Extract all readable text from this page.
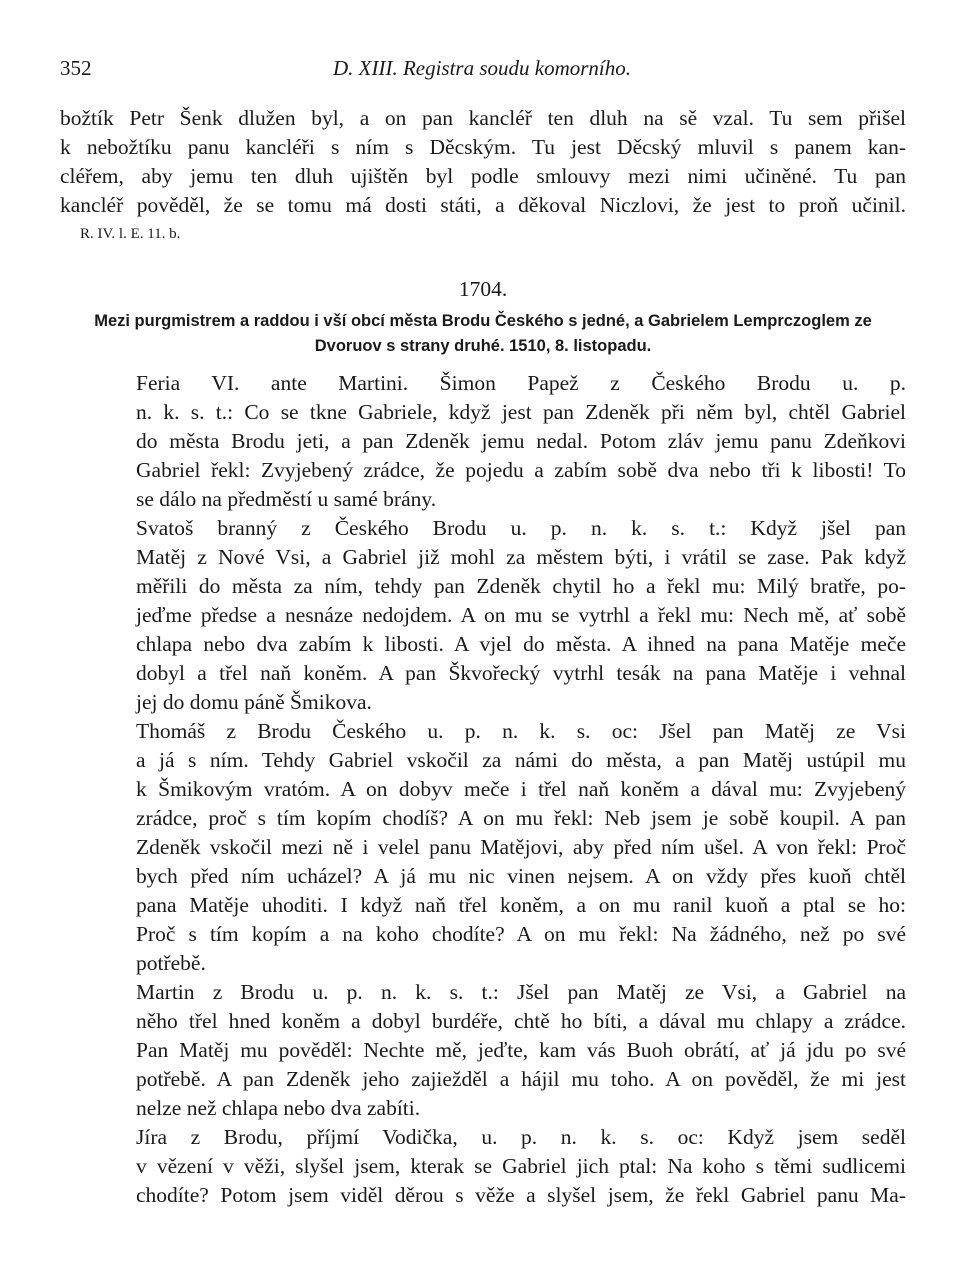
352	D. XIII. Registra soudu komorního.

božtík Petr Šenk dlužen byl, a on pan kancléř ten dluh na sě vzal. Tu sem přišel
k nebožtíku panu kancléři s ním s Děcským. Tu jest Děcský mluvil s panem kan-
cléřem, aby jemu ten dluh ujištěn byl podle smlouvy mezi nimi učiněné. Tu pan
kancléř pověděl, že se tomu má dosti státi, a děkoval Niczlovi, že jest to proň učinil.

R. IV. l. E. 11. b.
1704.
Mezi purgmistrem a raddou i vší obcí města Brodu Českého s jedné, a Gabrielem Lemprczoglem ze Dvoruov s strany druhé. 1510, 8. listopadu.

Feria VI. ante Martini. Šimon Papež z Českého Brodu u. p.
n. k. s. t.: Co se tkne Gabriele, když jest pan Zdeněk při něm byl, chtěl Gabriel
do města Brodu jeti, a pan Zdeněk jemu nedal. Potom zláv jemu panu Zdeňkovi
Gabriel řekl: Zvyjebený zrádce, že pojedu a zabím sobě dva nebo tři k libosti! To
se dálo na předměstí u samé brány.

Svatoš branný z Českého Brodu u. p. n. k. s. t.: Když jšel pan
Matěj z Nové Vsi, a Gabriel již mohl za městem býti, i vrátil se zase. Pak když
měřili do města za ním, tehdy pan Zdeněk chytil ho a řekl mu: Milý bratře, po-
jeďme předse a nesnáze nedojdem. A on mu se vytrhl a řekl mu: Nech mě, ať sobě
chlapa nebo dva zabím k libosti. A vjel do města. A ihned na pana Matěje meče
dobyl a třel naň koněm. A pan Škvořecký vytrhl tesák na pana Matěje i vehnal
jej do domu páně Šmikova.

Thomáš z Brodu Českého u. p. n. k. s. oc: Jšel pan Matěj ze Vsi
a já s ním. Tehdy Gabriel vskočil za námi do města, a pan Matěj ustúpil mu
k Šmikovým vratóm. A on dobyv meče i třel naň koněm a dával mu: Zvyjebený
zrádce, proč s tím kopím chodíš? A on mu řekl: Neb jsem je sobě koupil. A pan
Zdeněk vskočil mezi ně i velel panu Matějovi, aby před ním ušel. A von řekl: Proč
bych před ním ucházel? A já mu nic vinen nejsem. A on vždy přes kuoň chtěl
pana Matěje uhoditi. I když naň třel koněm, a on mu ranil kuoň a ptal se ho:
Proč s tím kopím a na koho chodíte? A on mu řekl: Na žádného, než po své
potřebě.

Martin z Brodu u. p. n. k. s. t.: Jšel pan Matěj ze Vsi, a Gabriel na
něho třel hned koněm a dobyl burdéře, chtě ho bíti, a dával mu chlapy a zrádce.
Pan Matěj mu pověděl: Nechte mě, jeďte, kam vás Buoh obrátí, ať já jdu po své
potřebě. A pan Zdeněk jeho zajiežděl a hájil mu toho. A on pověděl, že mi jest
nelze než chlapa nebo dva zabíti.

Jíra z Brodu, příjmí Vodička, u. p. n. k. s. oc: Když jsem seděl
v vězení v věži, slyšel jsem, kterak se Gabriel jich ptal: Na koho s těmi sudlicemi
chodíte? Potom jsem viděl děrou s věže a slyšel jsem, že řekl Gabriel panu Ma-
